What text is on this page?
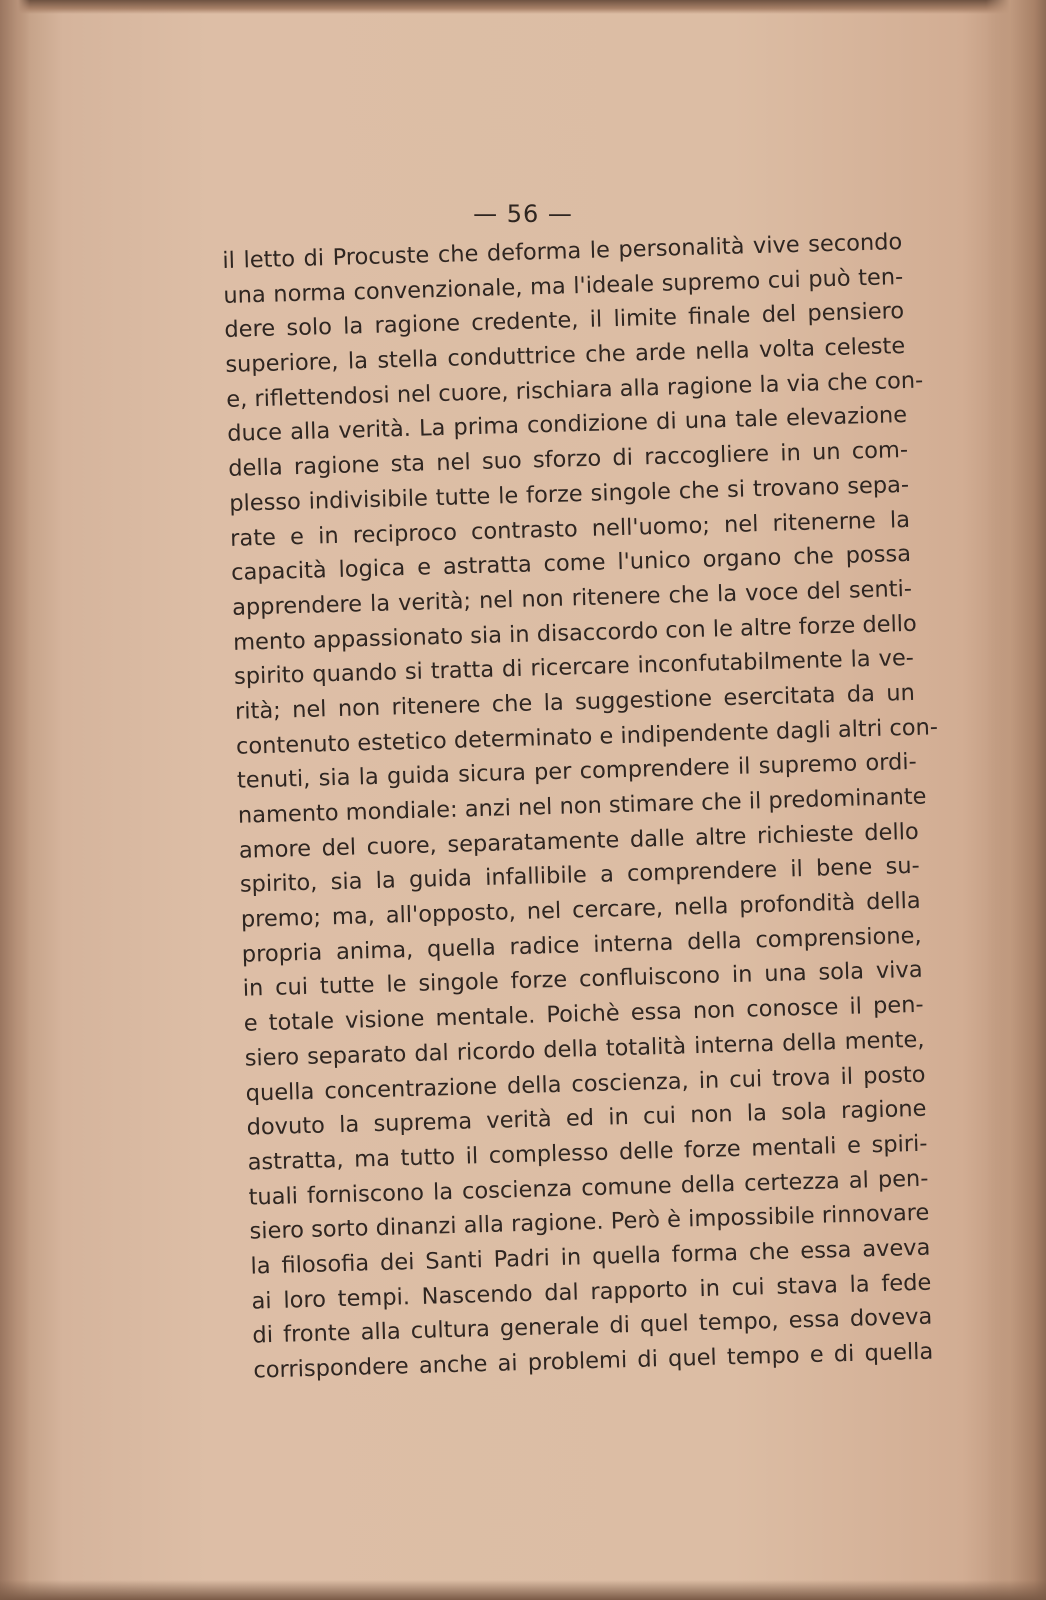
— 56 —
il letto di Procuste che deforma le personalità vive secondo
una norma convenzionale, ma l'ideale supremo cui può ten-
dere solo la ragione credente, il limite finale del pensiero
superiore, la stella conduttrice che arde nella volta celeste
e, riflettendosi nel cuore, rischiara alla ragione la via che con-
duce alla verità. La prima condizione di una tale elevazione
della ragione sta nel suo sforzo di raccogliere in un com-
plesso indivisibile tutte le forze singole che si trovano sepa-
rate e in reciproco contrasto nell'uomo; nel ritenerne la
capacità logica e astratta come l'unico organo che possa
apprendere la verità; nel non ritenere che la voce del senti-
mento appassionato sia in disaccordo con le altre forze dello
spirito quando si tratta di ricercare inconfutabilmente la ve-
rità; nel non ritenere che la suggestione esercitata da un
contenuto estetico determinato e indipendente dagli altri con-
tenuti, sia la guida sicura per comprendere il supremo ordi-
namento mondiale: anzi nel non stimare che il predominante
amore del cuore, separatamente dalle altre richieste dello
spirito, sia la guida infallibile a comprendere il bene su-
premo; ma, all'opposto, nel cercare, nella profondità della
propria anima, quella radice interna della comprensione,
in cui tutte le singole forze confluiscono in una sola viva
e totale visione mentale. Poichè essa non conosce il pen-
siero separato dal ricordo della totalità interna della mente,
quella concentrazione della coscienza, in cui trova il posto
dovuto la suprema verità ed in cui non la sola ragione
astratta, ma tutto il complesso delle forze mentali e spiri-
tuali forniscono la coscienza comune della certezza al pen-
siero sorto dinanzi alla ragione. Però è impossibile rinnovare
la filosofia dei Santi Padri in quella forma che essa aveva
ai loro tempi. Nascendo dal rapporto in cui stava la fede
di fronte alla cultura generale di quel tempo, essa doveva
corrispondere anche ai problemi di quel tempo e di quella
